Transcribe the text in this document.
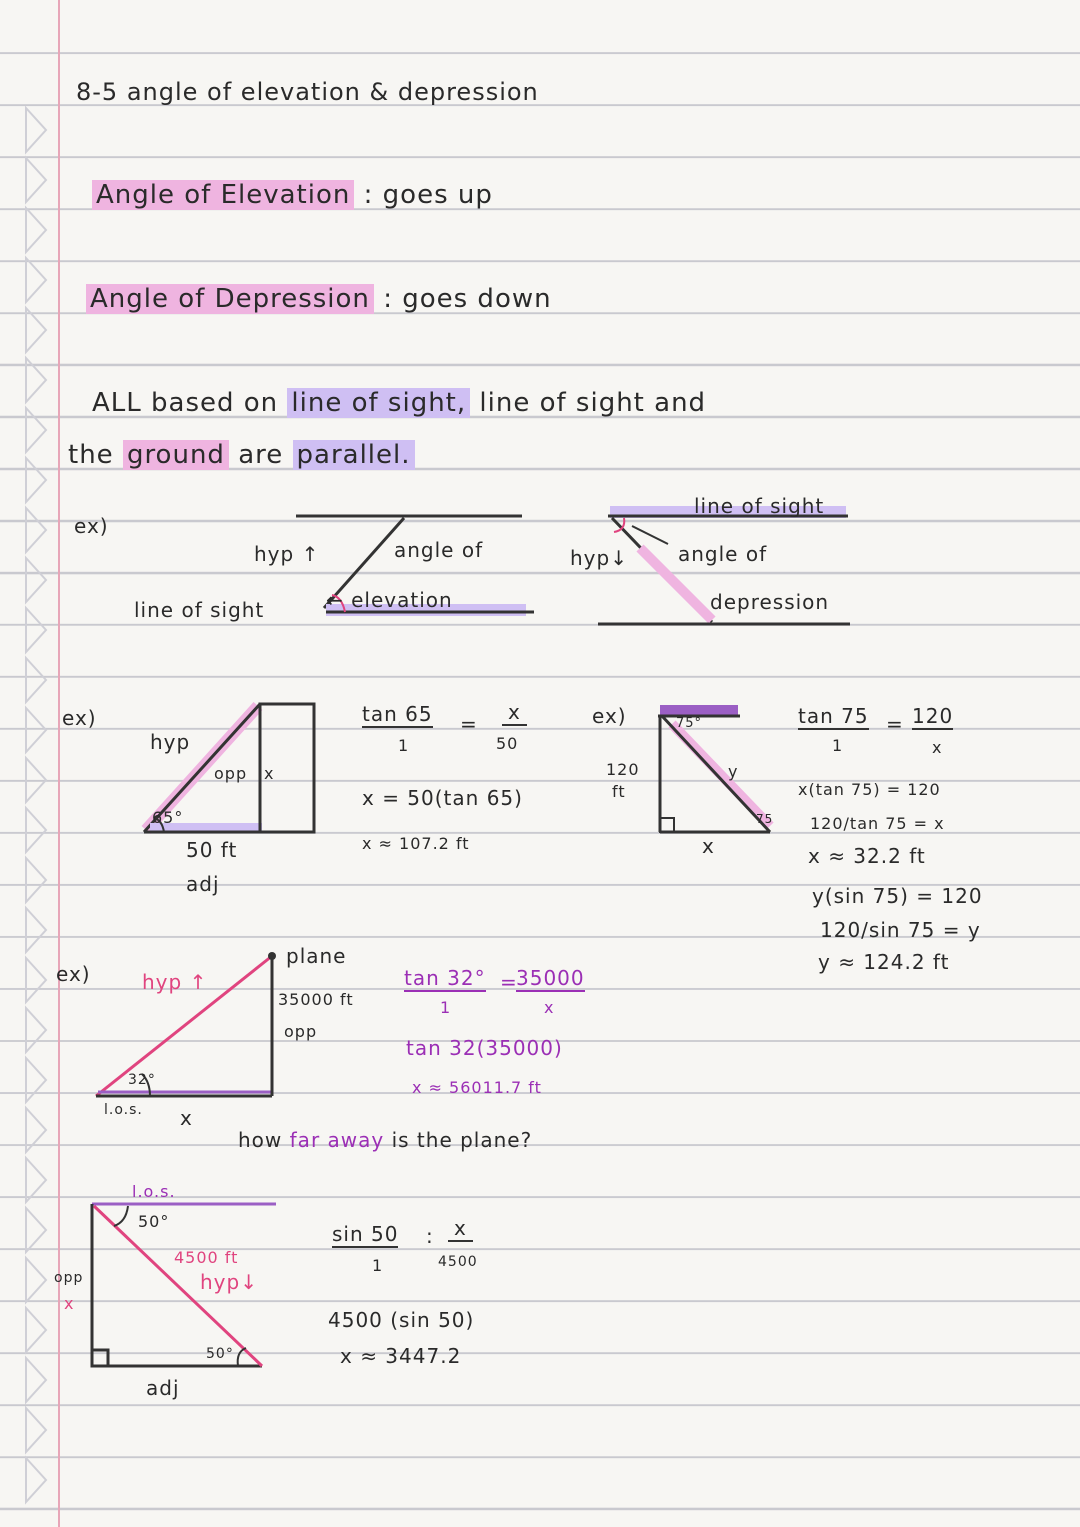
8-5 angle of elevation & depression
Angle of Elevation : goes up
Angle of Depression : goes down
ALL based on line of sight, line of sight and
the ground are parallel.
ex)
hyp ↑
line of sight
angle of
← elevation
hyp↓
line of sight
angle of
depression
ex)
hyp
opp x
65°
50 ft
adj
tan 65
1
=	x
50
x = 50(tan 65)
x ≈ 107.2 ft
ex)	75°
120
ft
y
75
x
tan 75
1
= 120
x
x(tan 75) = 120
120/tan 75 = x
x ≈ 32.2 ft
y(sin 75) = 120
120/sin 75 = y
y ≈ 124.2 ft
ex)	hyp ↑
plane
35000 ft
opp
32°
l.o.s. x
tan 32°
1
=
35000
x
tan 32(35000)
x ≈ 56011.7 ft
how far away is the plane?
l.o.s.
50°
4500 ft
hyp↓
opp
x
50°
adj
sin 50
1
:	x
4500
4500 (sin 50)
x ≈ 3447.2
